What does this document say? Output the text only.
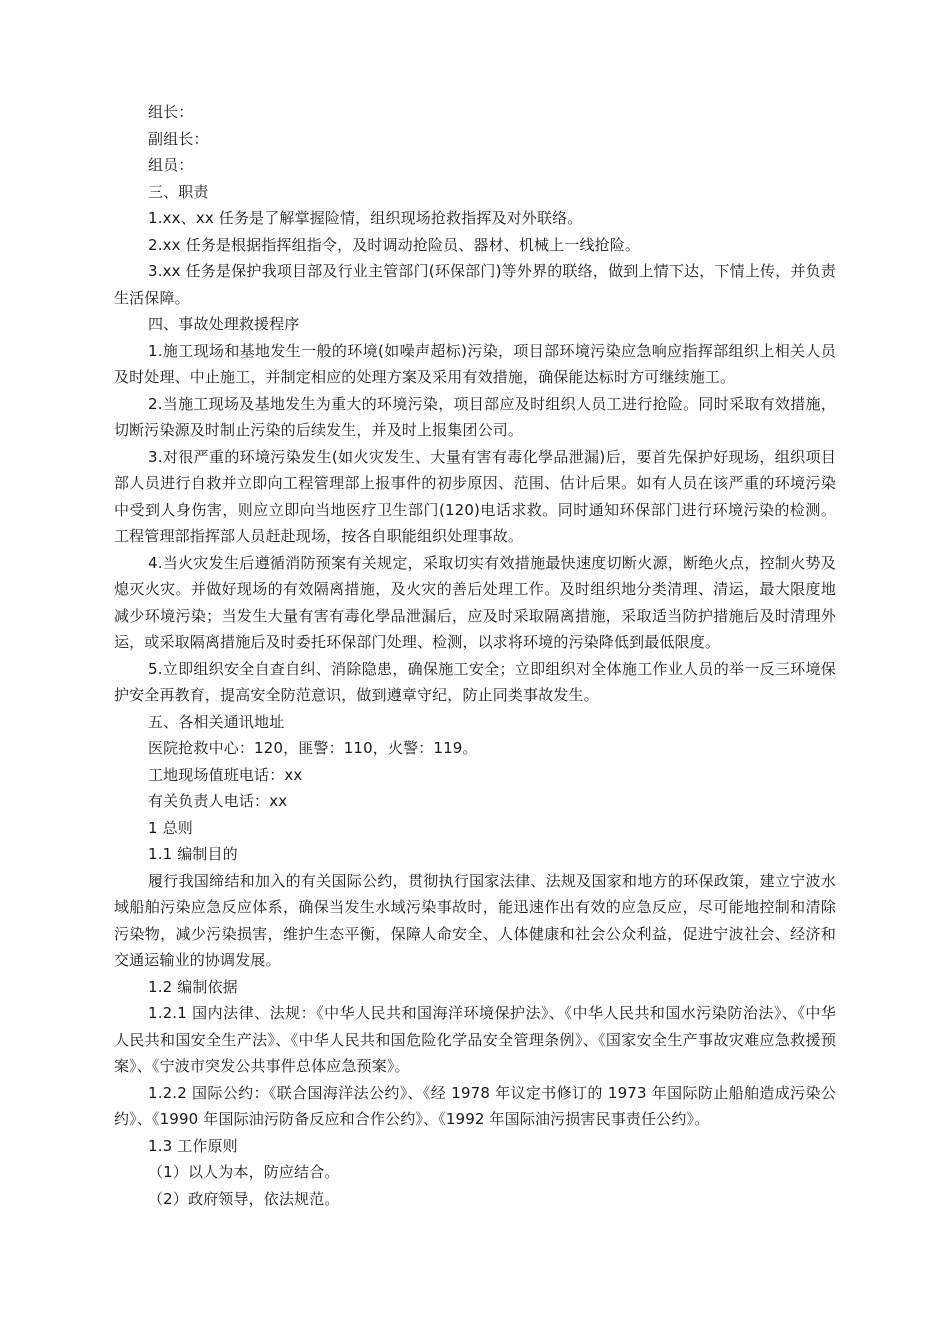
组长：

副组长：

组员：

三、职责

1.xx、xx 任务是了解掌握险情，组织现场抢救指挥及对外联络。

2.xx 任务是根据指挥组指令，及时调动抢险员、器材、机械上一线抢险。

3.xx 任务是保护我项目部及行业主管部门(环保部门)等外界的联络，做到上情下达，下情上传，并负责生活保障。

四、事故处理救援程序

1.施工现场和基地发生一般的环境(如噪声超标)污染，项目部环境污染应急响应指挥部组织上相关人员及时处理、中止施工，并制定相应的处理方案及采用有效措施，确保能达标时方可继续施工。

2.当施工现场及基地发生为重大的环境污染，项目部应及时组织人员工进行抢险。同时采取有效措施，切断污染源及时制止污染的后续发生，并及时上报集团公司。

3.对很严重的环境污染发生(如火灾发生、大量有害有毒化學品泄漏)后，要首先保护好现场，组织项目部人员进行自救并立即向工程管理部上报事件的初步原因、范围、估计后果。如有人员在该严重的环境污染中受到人身伤害，则应立即向当地医疗卫生部门(120)电话求救。同时通知环保部门进行环境污染的检测。工程管理部指挥部人员赶赴现场，按各自职能组织处理事故。

4.当火灾发生后遵循消防预案有关规定，采取切实有效措施最快速度切断火源，断绝火点，控制火势及熄灭火灾。并做好现场的有效隔离措施，及火灾的善后处理工作。及时组织地分类清理、清运，最大限度地减少环境污染；当发生大量有害有毒化學品泄漏后，应及时采取隔离措施，采取适当防护措施后及时清理外运，或采取隔离措施后及时委托环保部门处理、检测，以求将环境的污染降低到最低限度。

5.立即组织安全自查自纠、消除隐患，确保施工安全；立即组织对全体施工作业人员的举一反三环境保护安全再教育，提高安全防范意识，做到遵章守纪，防止同类事故发生。

五、各相关通讯地址

医院抢救中心：120，匪警：110，火警：119。

工地现场值班电话：xx

有关负责人电话：xx

1 总则

1.1 编制目的

履行我国缔结和加入的有关国际公约，贯彻执行国家法律、法规及国家和地方的环保政策，建立宁波水域船舶污染应急反应体系，确保当发生水域污染事故时，能迅速作出有效的应急反应，尽可能地控制和清除污染物，减少污染损害，维护生态平衡，保障人命安全、人体健康和社会公众利益，促进宁波社会、经济和交通运输业的协调发展。

1.2 编制依据

1.2.1 国内法律、法规：《中华人民共和国海洋环境保护法》、《中华人民共和国水污染防治法》、《中华人民共和国安全生产法》、《中华人民共和国危险化学品安全管理条例》、《国家安全生产事故灾难应急救援预案》、《宁波市突发公共事件总体应急预案》。

1.2.2 国际公约：《联合国海洋法公约》、《经 1978 年议定书修订的 1973 年国际防止船舶造成污染公约》、《1990 年国际油污防备反应和合作公约》、《1992 年国际油污损害民事责任公约》。

1.3 工作原则

（1）以人为本，防应结合。

（2）政府领导，依法规范。
